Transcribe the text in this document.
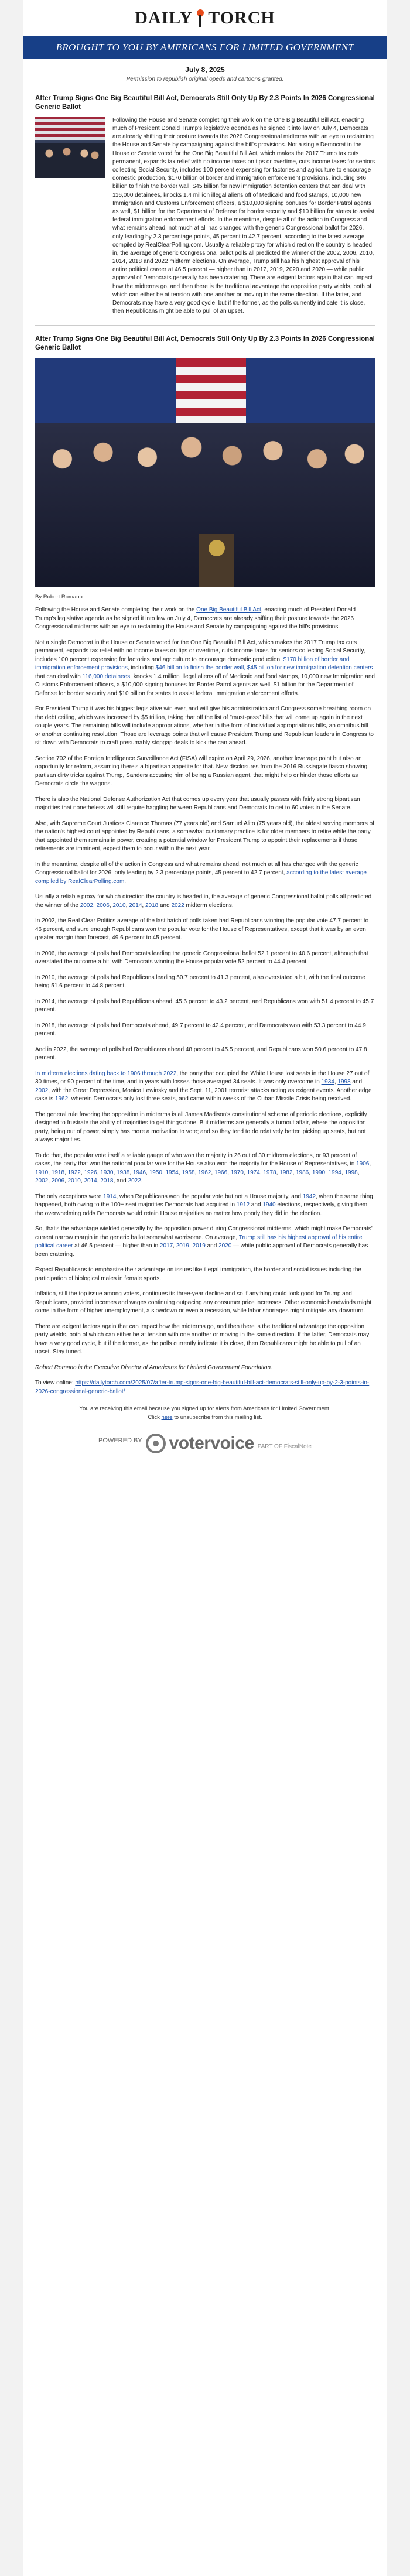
DAILY TORCH
BROUGHT TO YOU BY AMERICANS FOR LIMITED GOVERNMENT
July 8, 2025
Permission to republish original opeds and cartoons granted.
After Trump Signs One Big Beautiful Bill Act, Democrats Still Only Up By 2.3 Points In 2026 Congressional Generic Ballot
Following the House and Senate completing their work on the One Big Beautiful Bill Act, enacting much of President Donald Trump's legislative agenda as he signed it into law on July 4, Democrats are already shifting their posture towards the 2026 Congressional midterms with an eye to reclaiming the House and Senate by campaigning against the bill's provisions. Not a single Democrat in the House or Senate voted for the One Big Beautiful Bill Act, which makes the 2017 Trump tax cuts permanent, expands tax relief with no income taxes on tips or overtime, cuts income taxes for seniors collecting Social Security, includes 100 percent expensing for factories and agriculture to encourage domestic production, $170 billion of border and immigration enforcement provisions, including $46 billion to finish the border wall, $45 billion for new immigration detention centers that can deal with 116,000 detainees, knocks 1.4 million illegal aliens off of Medicaid and food stamps, 10,000 new Immigration and Customs Enforcement officers, a $10,000 signing bonuses for Border Patrol agents as well, $1 billion for the Department of Defense for border security and $10 billion for states to assist federal immigration enforcement efforts. In the meantime, despite all of the action in Congress and what remains ahead, not much at all has changed with the generic Congressional ballot for 2026, only leading by 2.3 percentage points, 45 percent to 42.7 percent, according to the latest average compiled by RealClearPolling.com. Usually a reliable proxy for which direction the country is headed in, the average of generic Congressional ballot polls all predicted the winner of the 2002, 2006, 2010, 2014, 2018 and 2022 midterm elections. On average, Trump still has his highest approval of his entire political career at 46.5 percent — higher than in 2017, 2019, 2020 and 2020 — while public approval of Democrats generally has been cratering. There are exigent factors again that can impact how the midterms go, and then there is the traditional advantage the opposition party wields, both of which can either be at tension with one another or moving in the same direction. If the latter, and Democrats may have a very good cycle, but if the former, as the polls currently indicate it is close, then Republicans might be able to pull of an upset.
After Trump Signs One Big Beautiful Bill Act, Democrats Still Only Up By 2.3 Points In 2026 Congressional Generic Ballot
By Robert Romano

Following the House and Senate completing their work on the One Big Beautiful Bill Act, enacting much of President Donald Trump's legislative agenda as he signed it into law on July 4, Democrats are already shifting their posture towards the 2026 Congressional midterms with an eye to reclaiming the House and Senate by campaigning against the bill's provisions.

Not a single Democrat in the House or Senate voted for the One Big Beautiful Bill Act, which makes the 2017 Trump tax cuts permanent, expands tax relief with no income taxes on tips or overtime, cuts income taxes for seniors collecting Social Security, includes 100 percent expensing for factories and agriculture to encourage domestic production, $170 billion of border and immigration enforcement provisions, including $46 billion to finish the border wall, $45 billion for new immigration detention centers that can deal with 116,000 detainees, knocks 1.4 million illegal aliens off of Medicaid and food stamps, 10,000 new Immigration and Customs Enforcement officers, a $10,000 signing bonuses for Border Patrol agents as well, $1 billion for the Department of Defense for border security and $10 billion for states to assist federal immigration enforcement efforts.

For President Trump it was his biggest legislative win ever, and will give his administration and Congress some breathing room on the debt ceiling, which was increased by $5 trillion, taking that off the list of "must-pass" bills that will come up again in the next couple years. The remaining bills will include appropriations, whether in the form of individual appropriations bills, an omnibus bill or another continuing resolution. Those are leverage points that will cause President Trump and Republican leaders in Congress to sit down with Democrats to craft presumably stopgap deals to kick the can ahead.

Section 702 of the Foreign Intelligence Surveillance Act (FISA) will expire on April 29, 2026, another leverage point but also an opportunity for reform, assuming there's a bipartisan appetite for that. New disclosures from the 2016 Russiagate fiasco showing partisan dirty tricks against Trump, Sanders accusing him of being a Russian agent, that might help or hinder those efforts as Democrats circle the wagons.

There is also the National Defense Authorization Act that comes up every year that usually passes with fairly strong bipartisan majorities that nonetheless will still require haggling between Republicans and Democrats to get to 60 votes in the Senate.

Also, with Supreme Court Justices Clarence Thomas (77 years old) and Samuel Alito (75 years old), the oldest serving members of the nation's highest court appointed by Republicans, a somewhat customary practice is for older members to retire while the party that appointed them remains in power, creating a potential window for President Trump to appoint their replacements if those retirements are imminent, expect them to occur within the next year.

In the meantime, despite all of the action in Congress and what remains ahead, not much at all has changed with the generic Congressional ballot for 2026, only leading by 2.3 percentage points, 45 percent to 42.7 percent, according to the latest average compiled by RealClearPolling.com.

Usually a reliable proxy for which direction the country is headed in, the average of generic Congressional ballot polls all predicted the winner of the 2002, 2006, 2010, 2014, 2018 and 2022 midterm elections.

In 2002, the Real Clear Politics average of the last batch of polls taken had Republicans winning the popular vote 47.7 percent to 46 percent, and sure enough Republicans won the popular vote for the House of Representatives, except that it was by an even greater margin than forecast, 49.6 percent to 45 percent.

In 2006, the average of polls had Democrats leading the generic Congressional ballot 52.1 percent to 40.6 percent, although that overstated the outcome a bit, with Democrats winning the House popular vote 52 percent to 44.4 percent.

In 2010, the average of polls had Republicans leading 50.7 percent to 41.3 percent, also overstated a bit, with the final outcome being 51.6 percent to 44.8 percent.

In 2014, the average of polls had Republicans ahead, 45.6 percent to 43.2 percent, and Republicans won with 51.4 percent to 45.7 percent.

In 2018, the average of polls had Democrats ahead, 49.7 percent to 42.4 percent, and Democrats won with 53.3 percent to 44.9 percent.

And in 2022, the average of polls had Republicans ahead 48 percent to 45.5 percent, and Republicans won 50.6 percent to 47.8 percent.

In midterm elections dating back to 1906 through 2022, the party that occupied the White House lost seats in the House 27 out of 30 times, or 90 percent of the time, and in years with losses those averaged 34 seats. It was only overcome in 1934, 1998 and 2002, with the Great Depression, Monica Lewinsky and the Sept. 11, 2001 terrorist attacks acting as exigent events. Another edge case is 1962, wherein Democrats only lost three seats, and came within weeks of the Cuban Missile Crisis being resolved.

The general rule favoring the opposition in midterms is all James Madison's constitutional scheme of periodic elections, explicitly designed to frustrate the ability of majorities to get things done. But midterms are generally a turnout affair, where the opposition party, being out of power, simply has more a motivation to vote; and so they tend to do relatively better, picking up seats, but not always majorities.

To do that, the popular vote itself a reliable gauge of who won the majority in 26 out of 30 midterm elections, or 93 percent of cases, the party that won the national popular vote for the House also won the majority for the House of Representatives, in 1906, 1910, 1918, 1922, 1926, 1930, 1938, 1946, 1950, 1954, 1958, 1962, 1966, 1970, 1974, 1978, 1982, 1986, 1990, 1994, 1998, 2002, 2006, 2010, 2014, 2018, and 2022.

The only exceptions were 1914, when Republicans won the popular vote but not a House majority, and 1942, when the same thing happened, both owing to the 100+ seat majorities Democrats had acquired in 1912 and 1940 elections, respectively, giving them the overwhelming odds Democrats would retain House majorities no matter how poorly they did in the election.

So, that's the advantage wielded generally by the opposition power during Congressional midterms, which might make Democrats' current narrow margin in the generic ballot somewhat worrisome. On average, Trump still has his highest approval of his entire political career at 46.5 percent — higher than in 2017, 2019, 2019 and 2020 — while public approval of Democrats generally has been cratering.

Expect Republicans to emphasize their advantage on issues like illegal immigration, the border and social issues including the participation of biological males in female sports.

Inflation, still the top issue among voters, continues its three-year decline and so if anything could look good for Trump and Republicans, provided incomes and wages continuing outpacing any consumer price increases. Other economic headwinds might come in the form of higher unemployment, a slowdown or even a recession, while labor shortages might mitigate any downturn.

There are exigent factors again that can impact how the midterms go, and then there is the traditional advantage the opposition party wields, both of which can either be at tension with one another or moving in the same direction. If the latter, Democrats may have a very good cycle, but if the former, as the polls currently indicate it is close, then Republicans might be able to pull of an upset. Stay tuned.

Robert Romano is the Executive Director of Americans for Limited Government Foundation.

To view online: https://dailytorch.com/2025/07/after-trump-signs-one-big-beautiful-bill-act-democrats-still-only-up-by-2-3-points-in-2026-congressional-generic-ballot/

You are receiving this email because you signed up for alerts from Americans for Limited Government.
Click here to unsubscribe from this mailing list.
POWERED BY votervoice PART OF FiscalNote
